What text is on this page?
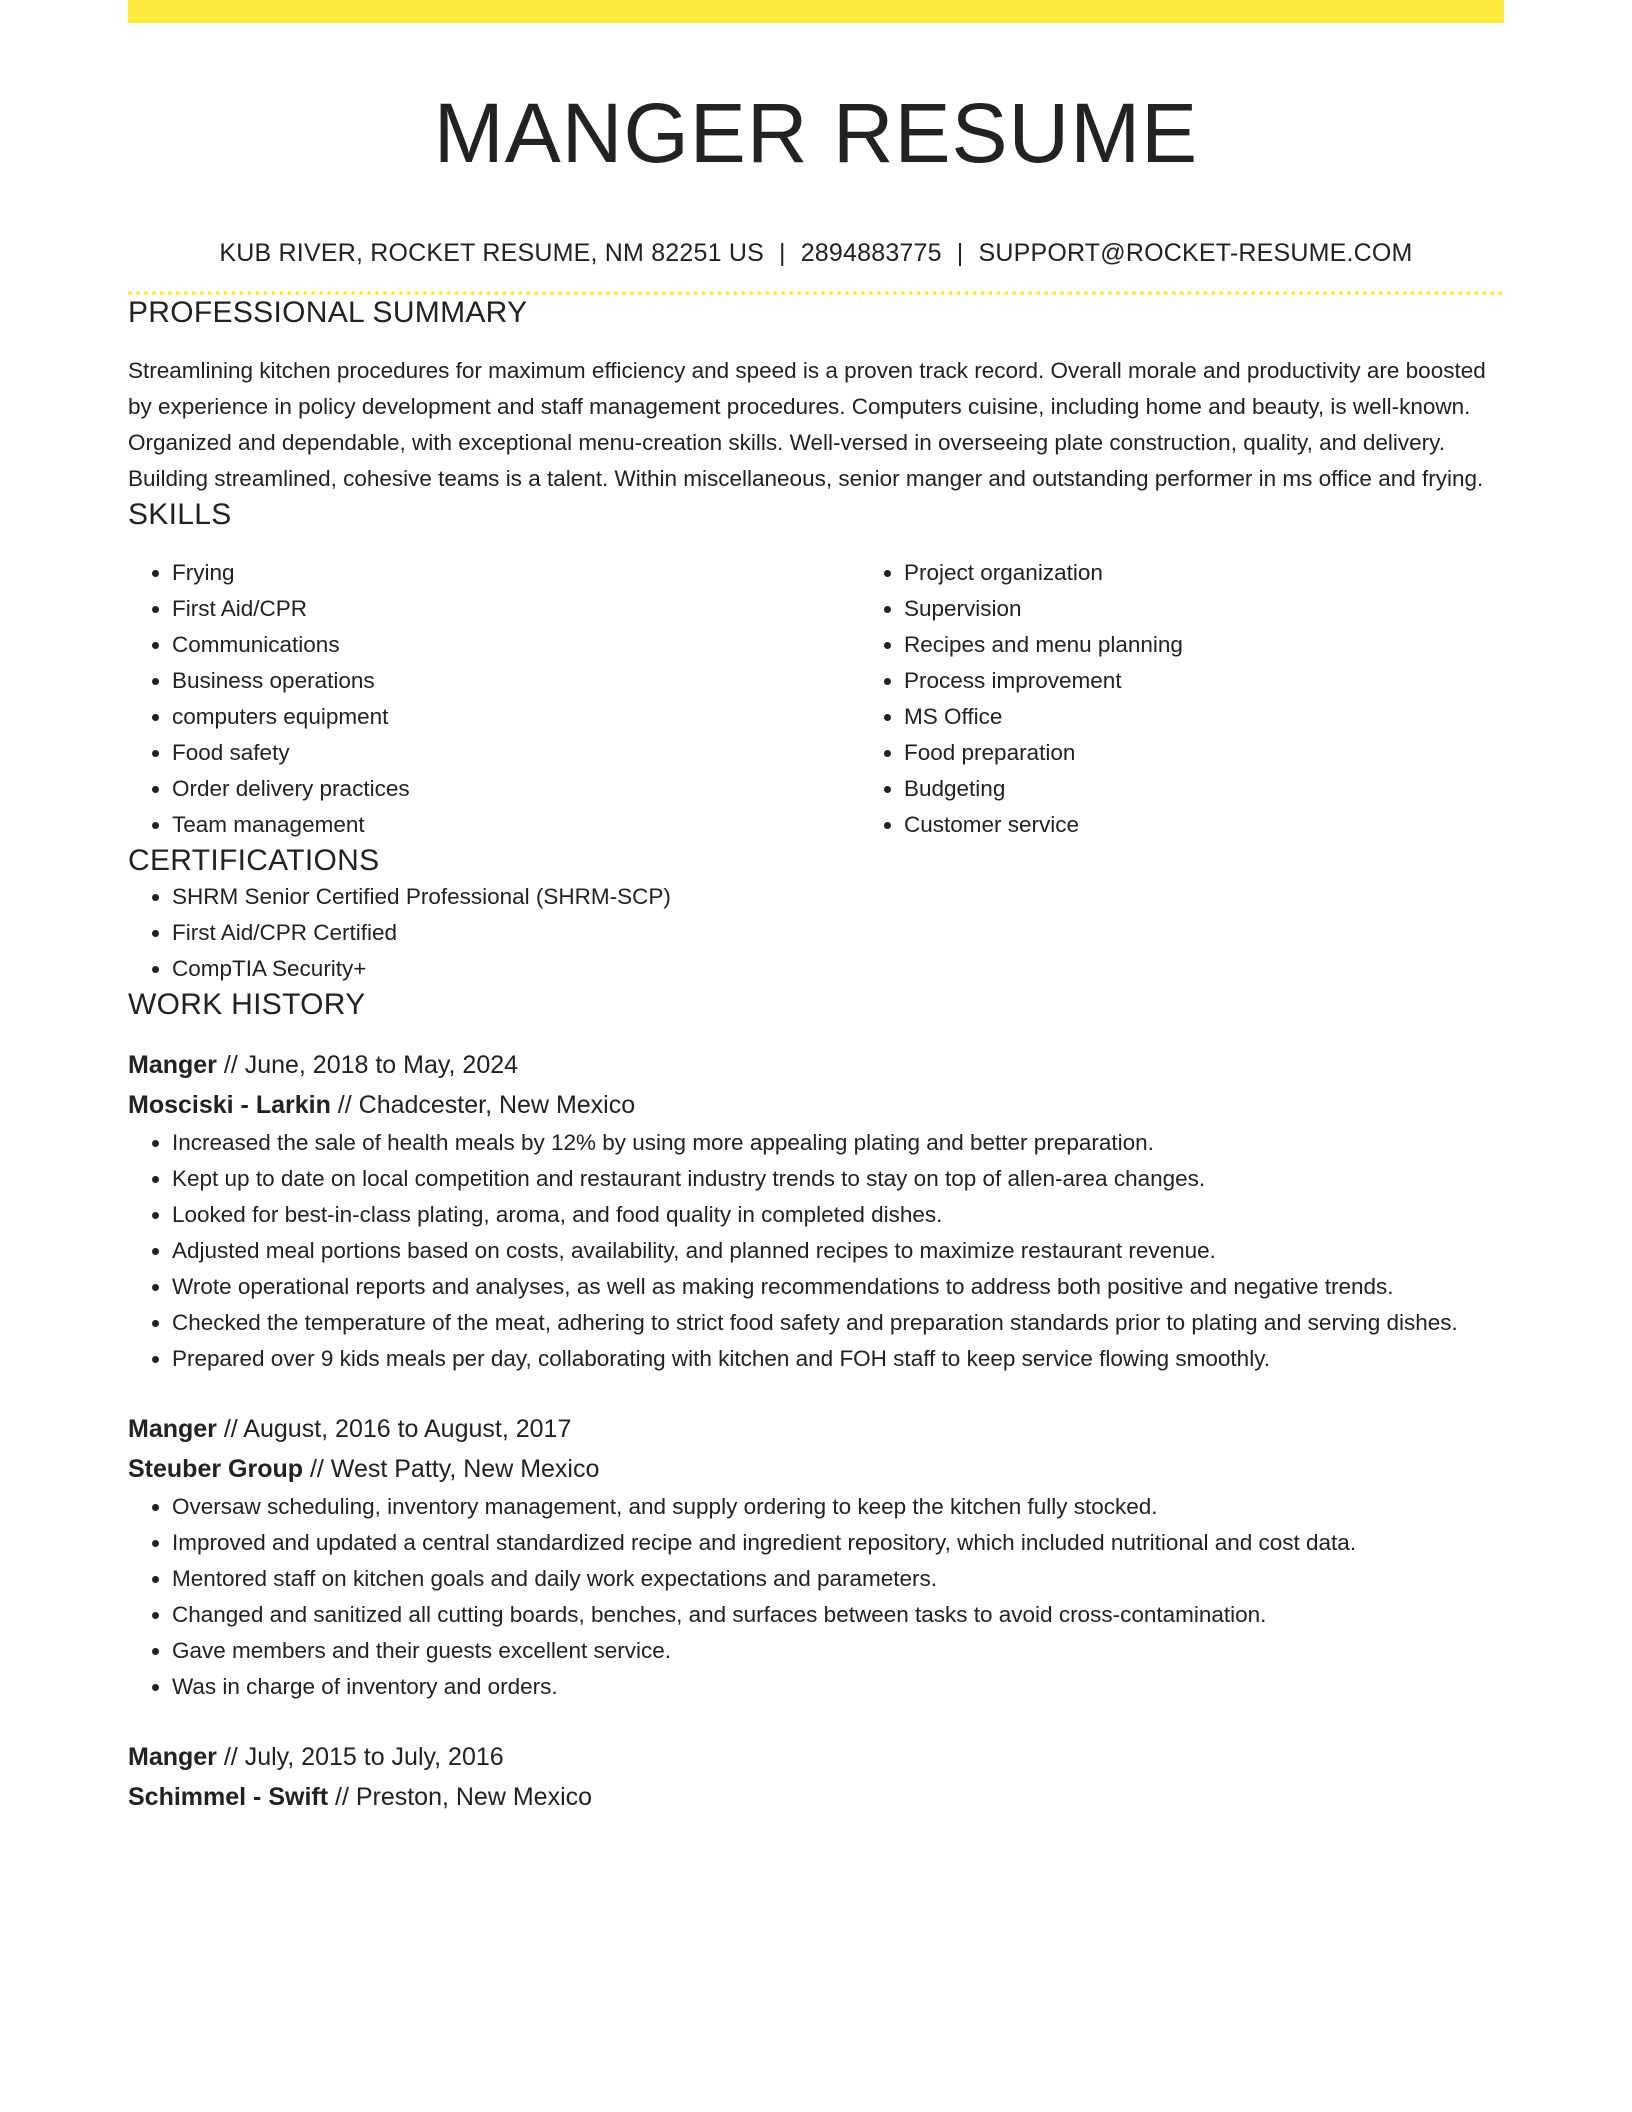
MANGER RESUME
KUB RIVER, ROCKET RESUME, NM 82251 US | 2894883775 | SUPPORT@ROCKET-RESUME.COM
PROFESSIONAL SUMMARY

Streamlining kitchen procedures for maximum efficiency and speed is a proven track record. Overall morale and productivity are boosted by experience in policy development and staff management procedures. Computers cuisine, including home and beauty, is well-known. Organized and dependable, with exceptional menu-creation skills. Well-versed in overseeing plate construction, quality, and delivery. Building streamlined, cohesive teams is a talent. Within miscellaneous, senior manger and outstanding performer in ms office and frying.

SKILLS
• Frying
• First Aid/CPR
• Communications
• Business operations
• computers equipment
• Food safety
• Order delivery practices
• Team management
• Project organization
• Supervision
• Recipes and menu planning
• Process improvement
• MS Office
• Food preparation
• Budgeting
• Customer service
CERTIFICATIONS
• SHRM Senior Certified Professional (SHRM-SCP)
• First Aid/CPR Certified
• CompTIA Security+
WORK HISTORY
Manger // June, 2018 to May, 2024
Mosciski - Larkin // Chadcester, New Mexico
• Increased the sale of health meals by 12% by using more appealing plating and better preparation.
• Kept up to date on local competition and restaurant industry trends to stay on top of allen-area changes.
• Looked for best-in-class plating, aroma, and food quality in completed dishes.
• Adjusted meal portions based on costs, availability, and planned recipes to maximize restaurant revenue.
• Wrote operational reports and analyses, as well as making recommendations to address both positive and negative trends.
• Checked the temperature of the meat, adhering to strict food safety and preparation standards prior to plating and serving dishes.
• Prepared over 9 kids meals per day, collaborating with kitchen and FOH staff to keep service flowing smoothly.
Manger // August, 2016 to August, 2017
Steuber Group // West Patty, New Mexico
• Oversaw scheduling, inventory management, and supply ordering to keep the kitchen fully stocked.
• Improved and updated a central standardized recipe and ingredient repository, which included nutritional and cost data.
• Mentored staff on kitchen goals and daily work expectations and parameters.
• Changed and sanitized all cutting boards, benches, and surfaces between tasks to avoid cross-contamination.
• Gave members and their guests excellent service.
• Was in charge of inventory and orders.
Manger // July, 2015 to July, 2016
Schimmel - Swift // Preston, New Mexico
